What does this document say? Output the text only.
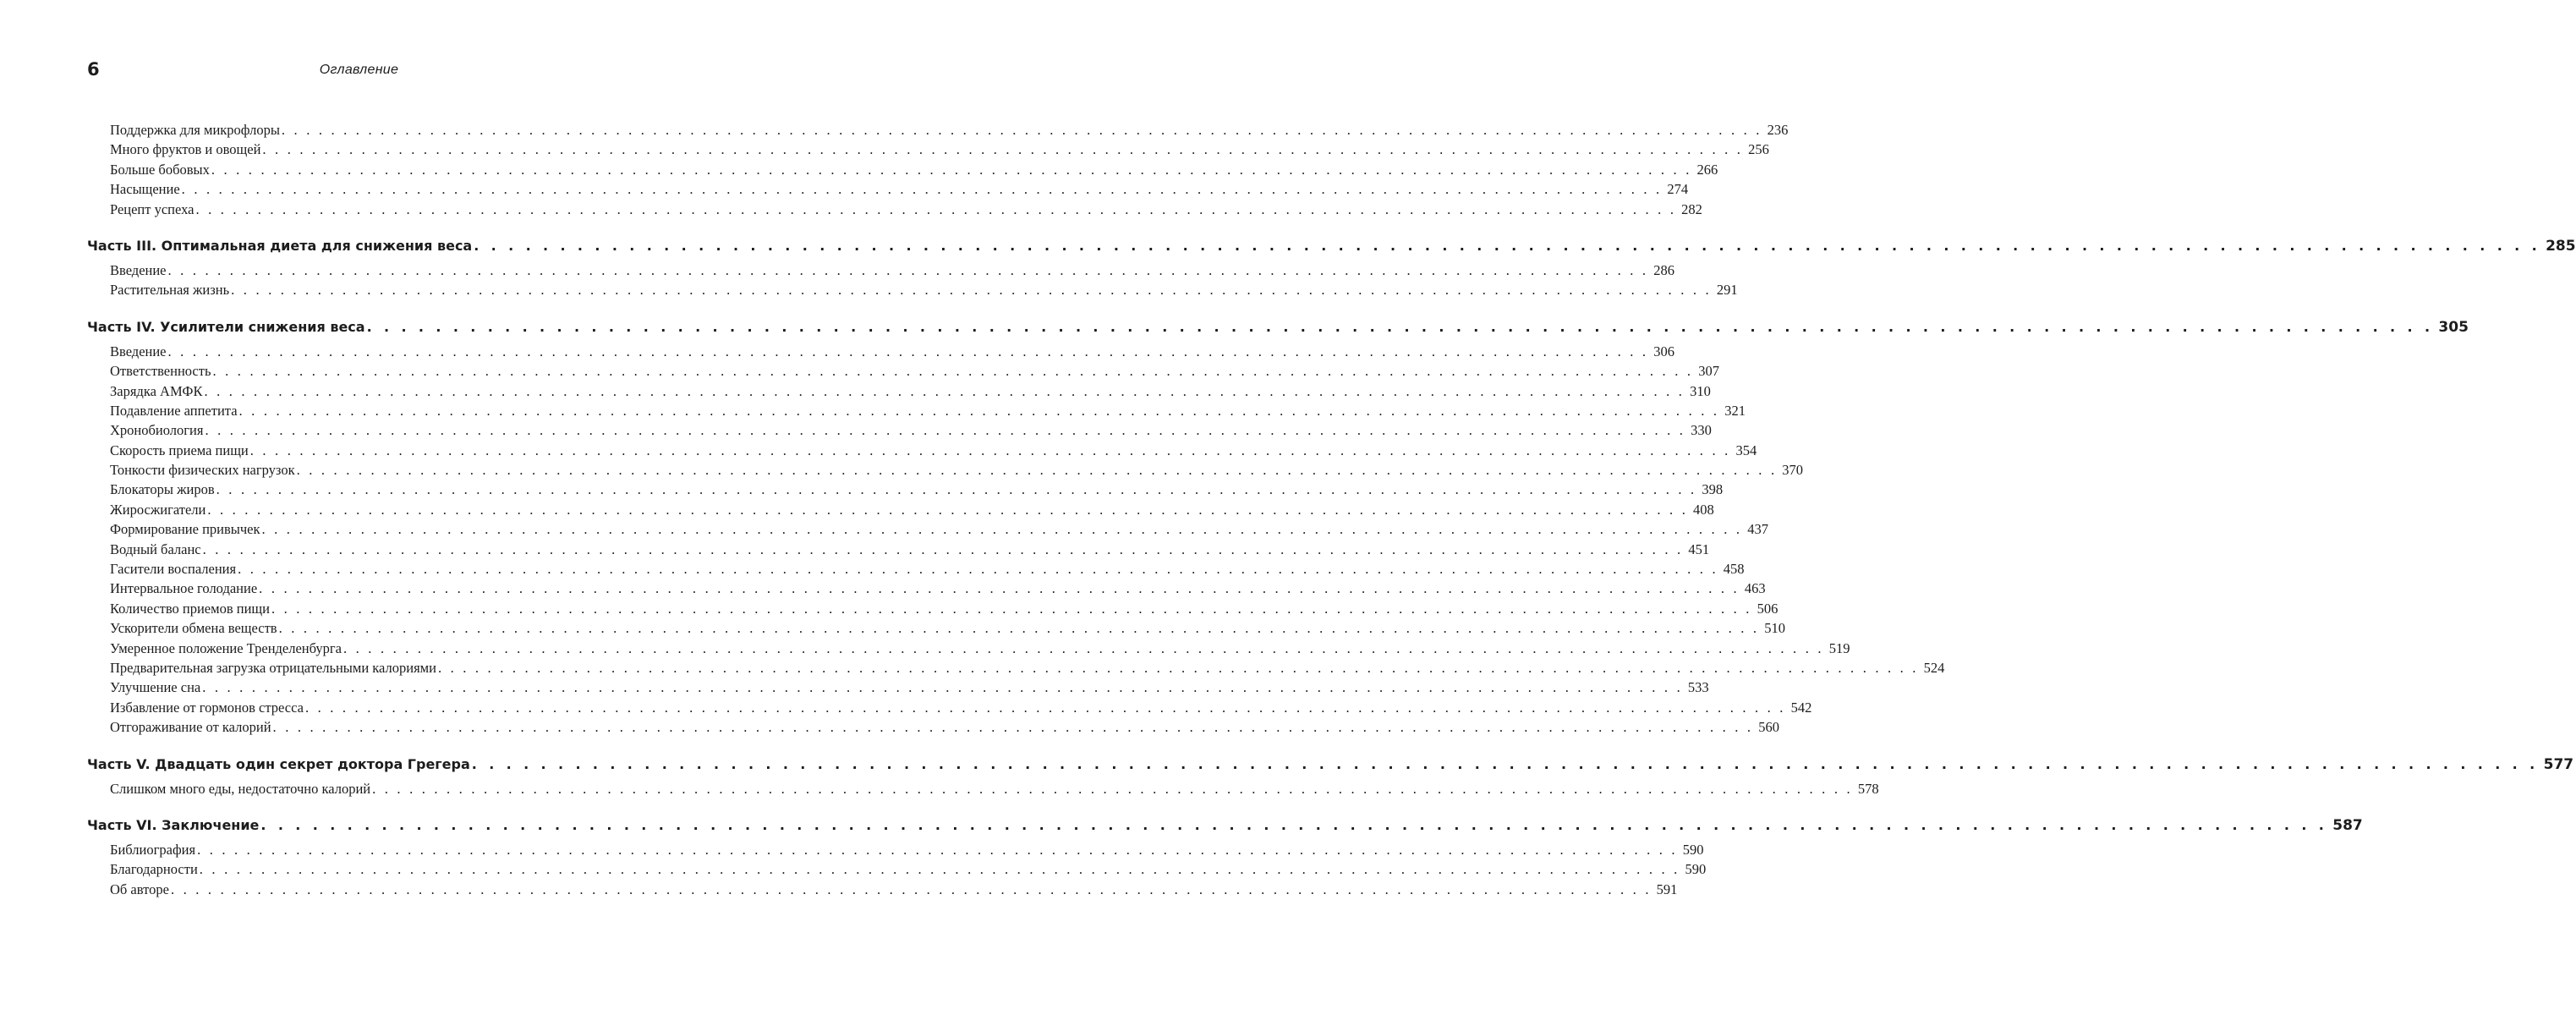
6	Оглавление
Поддержка для микрофлоры . . . . . . . . . . . . . . . . . . . . . . . . . . . . . . . . . . . . . . . . . . . . . . . . . . . . . . . . . . . . . . . . . . . . . . . . . . . . . . . . . . . . . . . . . . . . . . . . . . . . . . . . . . . . . . . . . . . . . . . . 236
Много фруктов и овощей . . . . . . . . . . . . . . . . . . . . . . . . . . . . . . . . . . . . . . . . . . . . . . . . . . . . . . . . . . . . . . . . . . . . . . . . . . . . . . . . . . . . . . . . . . . . . . . . . . . . . . . . . . . . . . . . . . . . . . . . 256
Больше бобовых . . . . . . . . . . . . . . . . . . . . . . . . . . . . . . . . . . . . . . . . . . . . . . . . . . . . . . . . . . . . . . . . . . . . . . . . . . . . . . . . . . . . . . . . . . . . . . . . . . . . . . . . . . . . . . . . . . . . . . . . 266
Насыщение . . . . . . . . . . . . . . . . . . . . . . . . . . . . . . . . . . . . . . . . . . . . . . . . . . . . . . . . . . . . . . . . . . . . . . . . . . . . . . . . . . . . . . . . . . . . . . . . . . . . . . . . . . . . . . . . . . . . . . . . 274
Рецепт успеха . . . . . . . . . . . . . . . . . . . . . . . . . . . . . . . . . . . . . . . . . . . . . . . . . . . . . . . . . . . . . . . . . . . . . . . . . . . . . . . . . . . . . . . . . . . . . . . . . . . . . . . . . . . . . . . . . . . . . . . . 282
Часть III. Оптимальная диета для снижения веса . . . . . . . . . . . . . . . . . . . . . . . . . . . . . . . . . . . . . . . . . . . . . . . . . . . . . . . . . . . . . . . . . . . . . . . . . . . . . . . . . . . . . . . . . . . . . . . . . . . . . . . . . . . . . . . . . . . . . . . . 285
Введение . . . . . . . . . . . . . . . . . . . . . . . . . . . . . . . . . . . . . . . . . . . . . . . . . . . . . . . . . . . . . . . . . . . . . . . . . . . . . . . . . . . . . . . . . . . . . . . . . . . . . . . . . . . . . . . . . . . . . . . . 286
Растительная жизнь . . . . . . . . . . . . . . . . . . . . . . . . . . . . . . . . . . . . . . . . . . . . . . . . . . . . . . . . . . . . . . . . . . . . . . . . . . . . . . . . . . . . . . . . . . . . . . . . . . . . . . . . . . . . . . . . . . . . . . . . 291
Часть IV. Усилители снижения веса . . . . . . . . . . . . . . . . . . . . . . . . . . . . . . . . . . . . . . . . . . . . . . . . . . . . . . . . . . . . . . . . . . . . . . . . . . . . . . . . . . . . . . . . . . . . . . . . . . . . . . . . . . . . . . . . . . . . . . . . 305
Введение . . . . . . . . . . . . . . . . . . . . . . . . . . . . . . . . . . . . . . . . . . . . . . . . . . . . . . . . . . . . . . . . . . . . . . . . . . . . . . . . . . . . . . . . . . . . . . . . . . . . . . . . . . . . . . . . . . . . . . . . 306
Ответственность . . . . . . . . . . . . . . . . . . . . . . . . . . . . . . . . . . . . . . . . . . . . . . . . . . . . . . . . . . . . . . . . . . . . . . . . . . . . . . . . . . . . . . . . . . . . . . . . . . . . . . . . . . . . . . . . . . . . . . . . 307
Зарядка АМФК . . . . . . . . . . . . . . . . . . . . . . . . . . . . . . . . . . . . . . . . . . . . . . . . . . . . . . . . . . . . . . . . . . . . . . . . . . . . . . . . . . . . . . . . . . . . . . . . . . . . . . . . . . . . . . . . . . . . . . . . 310
Подавление аппетита . . . . . . . . . . . . . . . . . . . . . . . . . . . . . . . . . . . . . . . . . . . . . . . . . . . . . . . . . . . . . . . . . . . . . . . . . . . . . . . . . . . . . . . . . . . . . . . . . . . . . . . . . . . . . . . . . . . . . . . . 321
Хронобиология . . . . . . . . . . . . . . . . . . . . . . . . . . . . . . . . . . . . . . . . . . . . . . . . . . . . . . . . . . . . . . . . . . . . . . . . . . . . . . . . . . . . . . . . . . . . . . . . . . . . . . . . . . . . . . . . . . . . . . . . 330
Скорость приема пищи . . . . . . . . . . . . . . . . . . . . . . . . . . . . . . . . . . . . . . . . . . . . . . . . . . . . . . . . . . . . . . . . . . . . . . . . . . . . . . . . . . . . . . . . . . . . . . . . . . . . . . . . . . . . . . . . . . . . . . . . 354
Тонкости физических нагрузок . . . . . . . . . . . . . . . . . . . . . . . . . . . . . . . . . . . . . . . . . . . . . . . . . . . . . . . . . . . . . . . . . . . . . . . . . . . . . . . . . . . . . . . . . . . . . . . . . . . . . . . . . . . . . . . . . . . . . . . . 370
Блокаторы жиров . . . . . . . . . . . . . . . . . . . . . . . . . . . . . . . . . . . . . . . . . . . . . . . . . . . . . . . . . . . . . . . . . . . . . . . . . . . . . . . . . . . . . . . . . . . . . . . . . . . . . . . . . . . . . . . . . . . . . . . . 398
Жиросжигатели . . . . . . . . . . . . . . . . . . . . . . . . . . . . . . . . . . . . . . . . . . . . . . . . . . . . . . . . . . . . . . . . . . . . . . . . . . . . . . . . . . . . . . . . . . . . . . . . . . . . . . . . . . . . . . . . . . . . . . . . 408
Формирование привычек . . . . . . . . . . . . . . . . . . . . . . . . . . . . . . . . . . . . . . . . . . . . . . . . . . . . . . . . . . . . . . . . . . . . . . . . . . . . . . . . . . . . . . . . . . . . . . . . . . . . . . . . . . . . . . . . . . . . . . . . 437
Водный баланс . . . . . . . . . . . . . . . . . . . . . . . . . . . . . . . . . . . . . . . . . . . . . . . . . . . . . . . . . . . . . . . . . . . . . . . . . . . . . . . . . . . . . . . . . . . . . . . . . . . . . . . . . . . . . . . . . . . . . . . . 451
Гасители воспаления . . . . . . . . . . . . . . . . . . . . . . . . . . . . . . . . . . . . . . . . . . . . . . . . . . . . . . . . . . . . . . . . . . . . . . . . . . . . . . . . . . . . . . . . . . . . . . . . . . . . . . . . . . . . . . . . . . . . . . . . 458
Интервальное голодание . . . . . . . . . . . . . . . . . . . . . . . . . . . . . . . . . . . . . . . . . . . . . . . . . . . . . . . . . . . . . . . . . . . . . . . . . . . . . . . . . . . . . . . . . . . . . . . . . . . . . . . . . . . . . . . . . . . . . . . . 463
Количество приемов пищи . . . . . . . . . . . . . . . . . . . . . . . . . . . . . . . . . . . . . . . . . . . . . . . . . . . . . . . . . . . . . . . . . . . . . . . . . . . . . . . . . . . . . . . . . . . . . . . . . . . . . . . . . . . . . . . . . . . . . . . . 506
Ускорители обмена веществ . . . . . . . . . . . . . . . . . . . . . . . . . . . . . . . . . . . . . . . . . . . . . . . . . . . . . . . . . . . . . . . . . . . . . . . . . . . . . . . . . . . . . . . . . . . . . . . . . . . . . . . . . . . . . . . . . . . . . . . . 510
Умеренное положение Тренделенбурга . . . . . . . . . . . . . . . . . . . . . . . . . . . . . . . . . . . . . . . . . . . . . . . . . . . . . . . . . . . . . . . . . . . . . . . . . . . . . . . . . . . . . . . . . . . . . . . . . . . . . . . . . . . . . . . . . . . . . . . . 519
Предварительная загрузка отрицательными калориями . . . . . . . . . . . . . . . . . . . . . . . . . . . . . . . . . . . . . . . . . . . . . . . . . . . . . . . . . . . . . . . . . . . . . . . . . . . . . . . . . . . . . . . . . . . . . . . . . . . . . . . . . . . . . . . . . . . . . . . . 524
Улучшение сна . . . . . . . . . . . . . . . . . . . . . . . . . . . . . . . . . . . . . . . . . . . . . . . . . . . . . . . . . . . . . . . . . . . . . . . . . . . . . . . . . . . . . . . . . . . . . . . . . . . . . . . . . . . . . . . . . . . . . . . . 533
Избавление от гормонов стресса . . . . . . . . . . . . . . . . . . . . . . . . . . . . . . . . . . . . . . . . . . . . . . . . . . . . . . . . . . . . . . . . . . . . . . . . . . . . . . . . . . . . . . . . . . . . . . . . . . . . . . . . . . . . . . . . . . . . . . . . 542
Отгораживание от калорий . . . . . . . . . . . . . . . . . . . . . . . . . . . . . . . . . . . . . . . . . . . . . . . . . . . . . . . . . . . . . . . . . . . . . . . . . . . . . . . . . . . . . . . . . . . . . . . . . . . . . . . . . . . . . . . . . . . . . . . . 560
Часть V. Двадцать один секрет доктора Грегера . . . . . . . . . . . . . . . . . . . . . . . . . . . . . . . . . . . . . . . . . . . . . . . . . . . . . . . . . . . . . . . . . . . . . . . . . . . . . . . . . . . . . . . . . . . . . . . . . . . . . . . . . . . . . . . . . . . . . . . . 577
Слишком много еды, недостаточно калорий . . . . . . . . . . . . . . . . . . . . . . . . . . . . . . . . . . . . . . . . . . . . . . . . . . . . . . . . . . . . . . . . . . . . . . . . . . . . . . . . . . . . . . . . . . . . . . . . . . . . . . . . . . . . . . . . . . . . . . . . 578
Часть VI. Заключение . . . . . . . . . . . . . . . . . . . . . . . . . . . . . . . . . . . . . . . . . . . . . . . . . . . . . . . . . . . . . . . . . . . . . . . . . . . . . . . . . . . . . . . . . . . . . . . . . . . . . . . . . . . . . . . . . . . . . . . . 587
Библиография . . . . . . . . . . . . . . . . . . . . . . . . . . . . . . . . . . . . . . . . . . . . . . . . . . . . . . . . . . . . . . . . . . . . . . . . . . . . . . . . . . . . . . . . . . . . . . . . . . . . . . . . . . . . . . . . . . . . . . . . 590
Благодарности . . . . . . . . . . . . . . . . . . . . . . . . . . . . . . . . . . . . . . . . . . . . . . . . . . . . . . . . . . . . . . . . . . . . . . . . . . . . . . . . . . . . . . . . . . . . . . . . . . . . . . . . . . . . . . . . . . . . . . . . 590
Об авторе . . . . . . . . . . . . . . . . . . . . . . . . . . . . . . . . . . . . . . . . . . . . . . . . . . . . . . . . . . . . . . . . . . . . . . . . . . . . . . . . . . . . . . . . . . . . . . . . . . . . . . . . . . . . . . . . . . . . . . . . 591
